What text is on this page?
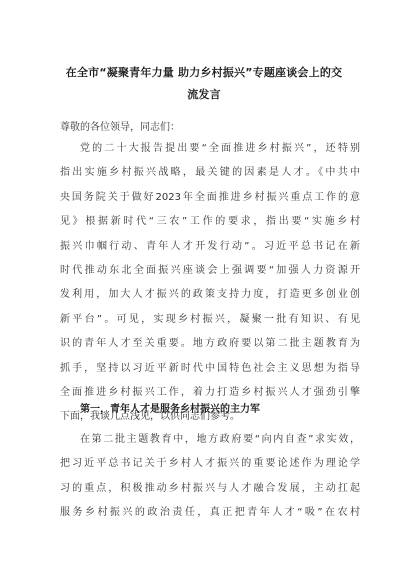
在全市“凝聚青年力量 助力乡村振兴”专题座谈会上的交
流发言
尊敬的各位领导，同志们：
党的二十大报告提出要“全面推进乡村振兴”，还特别
指出实施乡村振兴战略，最关键的因素是人才。《中共中
央国务院关于做好2023年全面推进乡村振兴重点工作的意
见》根据新时代“三农”工作的要求，指出要“实施乡村
振兴巾帼行动、青年人才开发行动”。习近平总书记在新
时代推动东北全面振兴座谈会上强调要“加强人力资源开
发利用，加大人才振兴的政策支持力度，打造更多创业创
新平台”。可见，实现乡村振兴，凝聚一批有知识、有见
识的青年人才至关重要。地方政府要以第二批主题教育为
抓手，坚持以习近平新时代中国特色社会主义思想为指导
全面推进乡村振兴工作，着力打造乡村振兴人才强劲引擎
下面，我谈几点浅见，以供同志们参考。
第一，青年人才是服务乡村振兴的主力军
在第二批主题教育中，地方政府要“向内自查”求实效，
把习近平总书记关于乡村人才振兴的重要论述作为理论学
习的重点，积极推动乡村振兴与人才融合发展，主动扛起
服务乡村振兴的政治责任，真正把青年人才“吸”在农村
